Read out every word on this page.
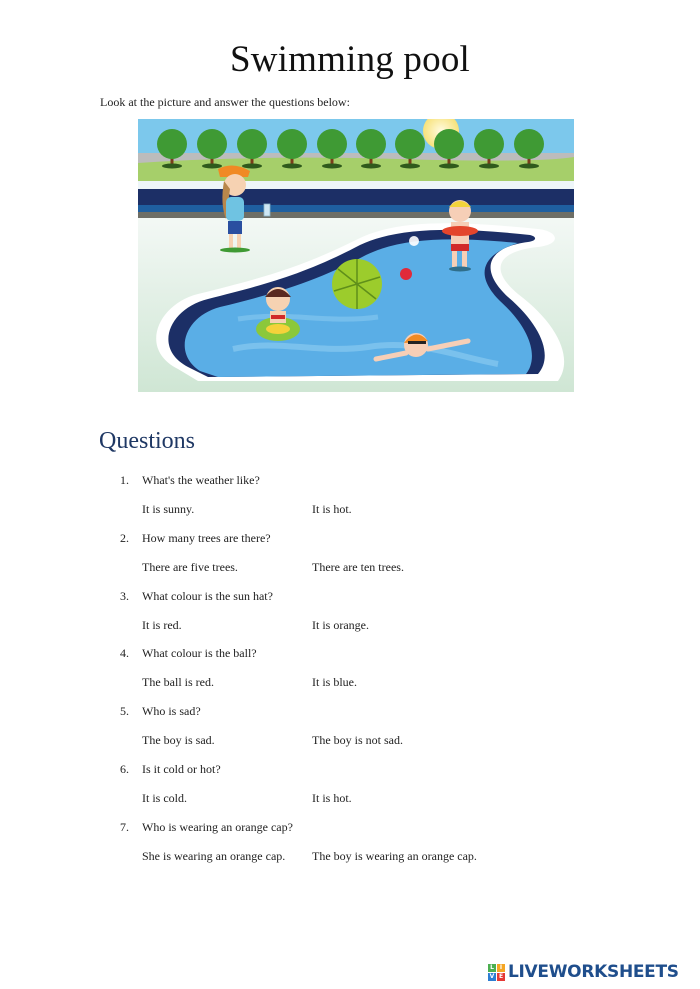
Swimming pool
Look at the picture and answer the questions below:
Questions
1. What's the weather like?
It is sunny.	It is hot.
2. How many trees are there?
There are five trees.	There are ten trees.
3. What colour is the sun hat?
It is red.	It is orange.
4. What colour is the ball?
The ball is red.	It is blue.
5. Who is sad?
The boy is sad.	The boy is not sad.
6. Is it cold or hot?
It is cold.	It is hot.
7. Who is wearing an orange cap?
She is wearing an orange cap. The boy is wearing an orange cap.
L I
V E LIVEWORKSHEETS
